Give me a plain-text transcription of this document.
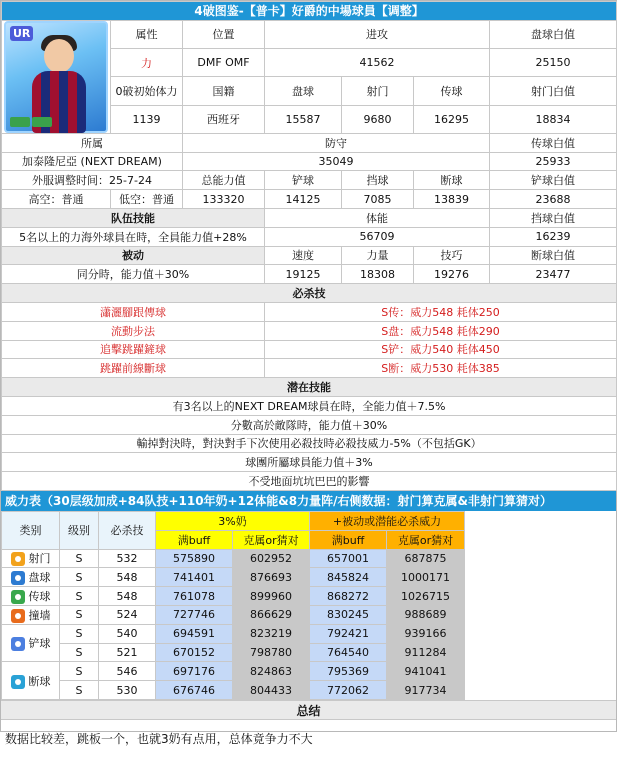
4破图鉴-【普卡】好爵的中場球員【调整】						

UR	属性	位置	进攻			盘球白值
	力	DMF OMF	41562			25150
	0破初始体力	国籍	盘球	射门	传球	射门白值
	1139	西班牙	15587	9680	16295	18834
所属		防守				传球白值
加泰隆尼亞 (NEXT DREAM)		35049				25933
外服调整时间：25-7-24		总能力值	铲球	挡球	断球	铲球白值
高空：普通	低空：普通	133320	14125	7085	13839	23688
队伍技能			体能			挡球白值
5名以上的力海外球員在時，全員能力值+28%			56709			16239
被动			速度	力量	技巧	断球白值
同分時，能力值＋30%			19125	18308	19276	23477
必杀技						
瀟灑腳跟傳球			S传：威力548 耗体250			
流動步法			S盘：威力548 耗体290			
追擊跳躍鏟球			S铲：威力540 耗体450			
跳躍前線斷球			S断：威力530 耗体385			
潜在技能						
有3名以上的NEXT DREAM球員在時，全能力值＋7.5%						
分數高於敵隊時，能力值＋30%						
輸掉對決時，對決對手下次使用必殺技時必殺技威力-5%（不包括GK）						
球團所屬球員能力值＋3%						
不受地面坑坑巴巴的影響						
威力表（30层级加成+84队技+110年奶+12体能&8力量阵/右侧数据：射门算克属&非射门算猜对）
类别	级别	必杀技	3%奶		+被动或潜能必杀威力	
			满buff	克属or猜对	满buff	克属or猜对
射门	S	532	575890	602952	657001	687875
盘球	S	548	741401	876693	845824	1000171
传球	S	548	761078	899960	868272	1026715
撞墙	S	524	727746	866629	830245	988689
铲球	S	540	694591	823219	792421	939166
	S	521	670152	798780	764540	911284
断球	S	546	697176	824863	795369	941041
	S	530	676746	804433	772062	917734
总结
数据比较差，跳板一个，也就3奶有点用，总体竟争力不大
